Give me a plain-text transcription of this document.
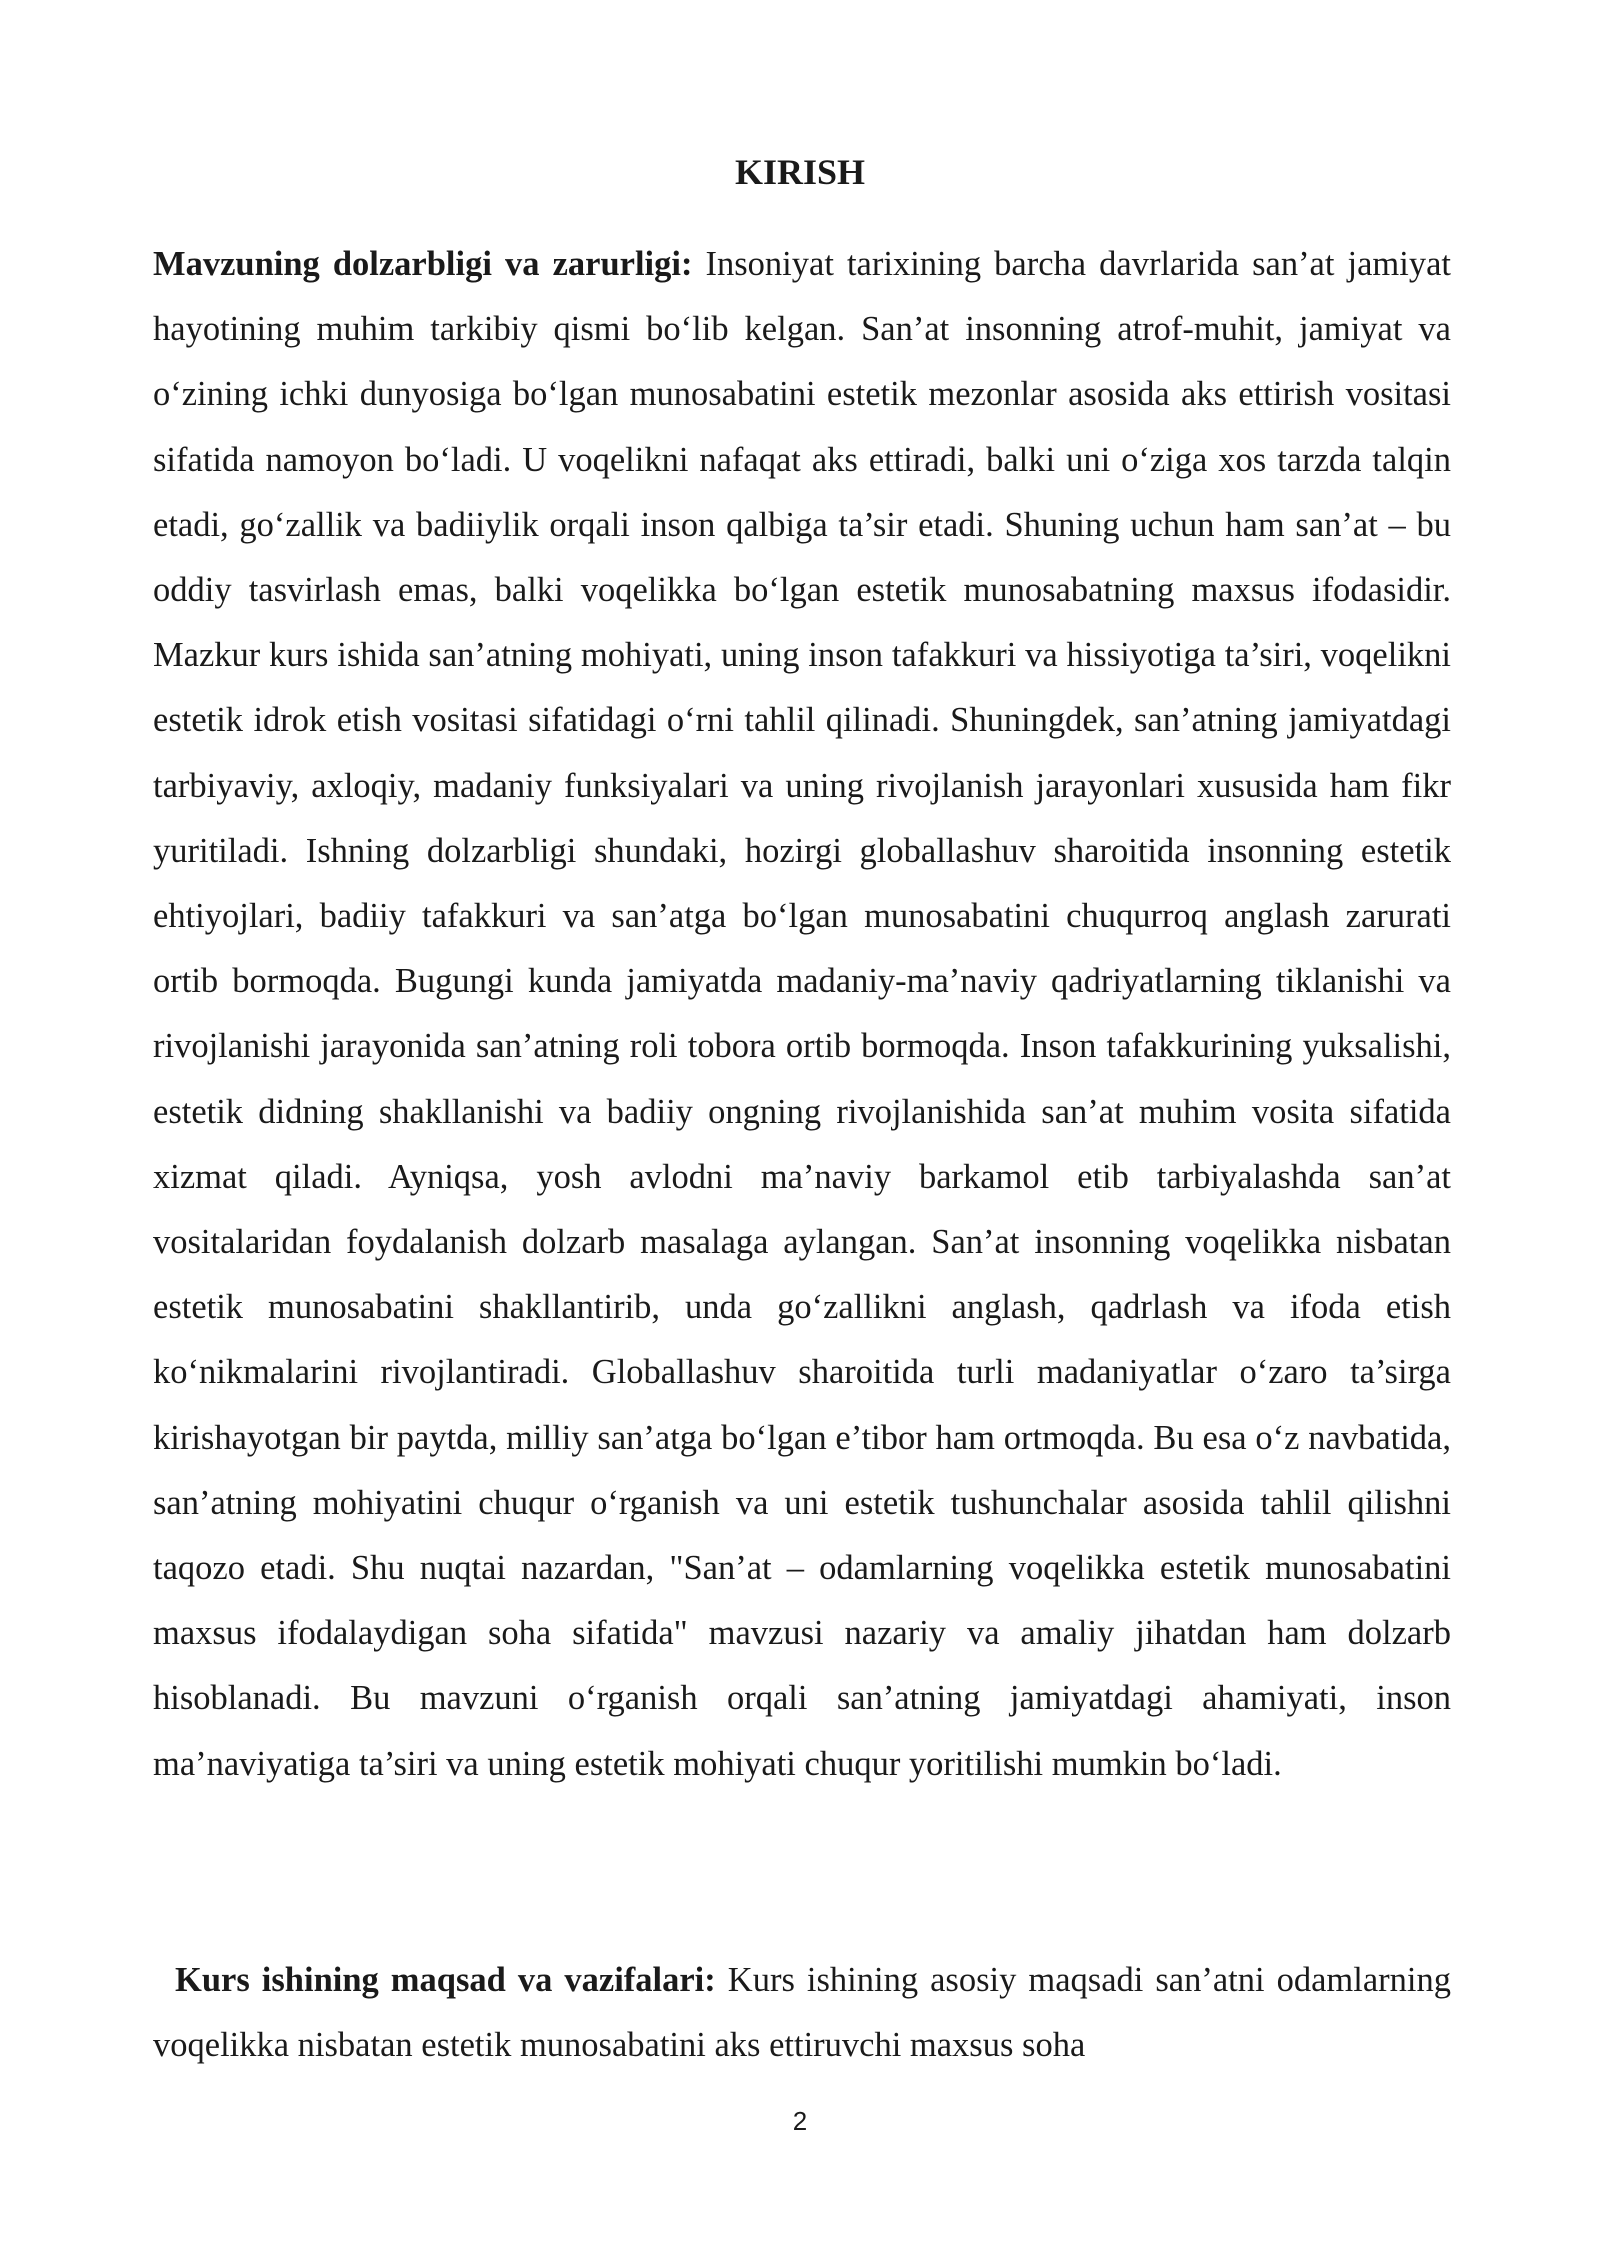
KIRISH

Mavzuning dolzarbligi va zarurligi: Insoniyat tarixining barcha davrlarida san’at jamiyat hayotining muhim tarkibiy qismi bo‘lib kelgan. San’at insonning atrof-muhit, jamiyat va o‘zining ichki dunyosiga bo‘lgan munosabatini estetik mezonlar asosida aks ettirish vositasi sifatida namoyon bo‘ladi. U voqelikni nafaqat aks ettiradi, balki uni o‘ziga xos tarzda talqin etadi, go‘zallik va badiiylik orqali inson qalbiga ta’sir etadi. Shuning uchun ham san’at – bu oddiy tasvirlash emas, balki voqelikka bo‘lgan estetik munosabatning maxsus ifodasidir. Mazkur kurs ishida san’atning mohiyati, uning inson tafakkuri va hissiyotiga ta’siri, voqelikni estetik idrok etish vositasi sifatidagi o‘rni tahlil qilinadi. Shuningdek, san’atning jamiyatdagi tarbiyaviy, axloqiy, madaniy funksiyalari va uning rivojlanish jarayonlari xususida ham fikr yuritiladi. Ishning dolzarbligi shundaki, hozirgi globallashuv sharoitida insonning estetik ehtiyojlari, badiiy tafakkuri va san’atga bo‘lgan munosabatini chuqurroq anglash zarurati ortib bormoqda. Bugungi kunda jamiyatda madaniy-ma’naviy qadriyatlarning tiklanishi va rivojlanishi jarayonida san’atning roli tobora ortib bormoqda. Inson tafakkurining yuksalishi, estetik didning shakllanishi va badiiy ongning rivojlanishida san’at muhim vosita sifatida xizmat qiladi. Ayniqsa, yosh avlodni ma’naviy barkamol etib tarbiyalashda san’at vositalaridan foydalanish dolzarb masalaga aylangan. San’at insonning voqelikka nisbatan estetik munosabatini shakllantirib, unda go‘zallikni anglash, qadrlash va ifoda etish ko‘nikmalarini rivojlantiradi. Globallashuv sharoitida turli madaniyatlar o‘zaro ta’sirga kirishayotgan bir paytda, milliy san’atga bo‘lgan e’tibor ham ortmoqda. Bu esa o‘z navbatida, san’atning mohiyatini chuqur o‘rganish va uni estetik tushunchalar asosida tahlil qilishni taqozo etadi. Shu nuqtai nazardan, "San’at – odamlarning voqelikka estetik munosabatini maxsus ifodalaydigan soha sifatida" mavzusi nazariy va amaliy jihatdan ham dolzarb hisoblanadi. Bu mavzuni o‘rganish orqali san’atning jamiyatdagi ahamiyati, inson ma’naviyatiga ta’siri va uning estetik mohiyati chuqur yoritilishi mumkin bo‘ladi.

Kurs ishining maqsad va vazifalari: Kurs ishining asosiy maqsadi san’atni odamlarning voqelikka nisbatan estetik munosabatini aks ettiruvchi maxsus soha

2
